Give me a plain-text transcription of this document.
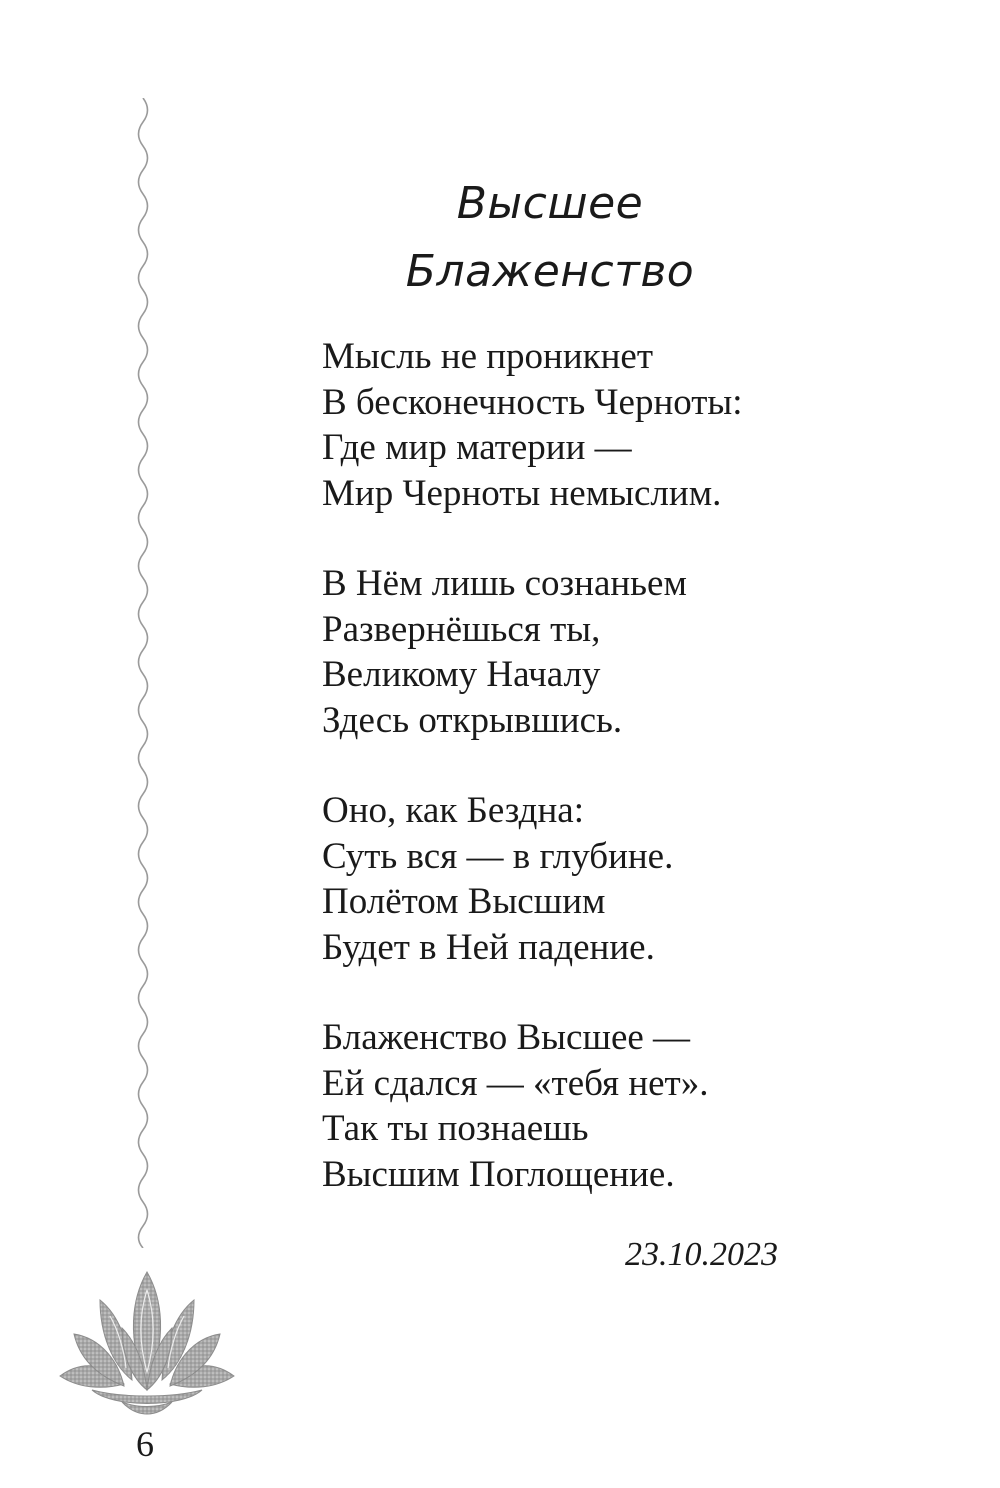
Высшее
Блаженство
Мысль не проникнет
В бесконечность Черноты:
Где мир материи —
Мир Черноты немыслим.
В Нём лишь сознаньем
Развернёшься ты,
Великому Началу
Здесь открывшись.
Оно, как Бездна:
Суть вся — в глубине.
Полётом Высшим
Будет в Ней падение.
Блаженство Высшее —
Ей сдался — «тебя нет».
Так ты познаешь
Высшим Поглощение.
23.10.2023
6
